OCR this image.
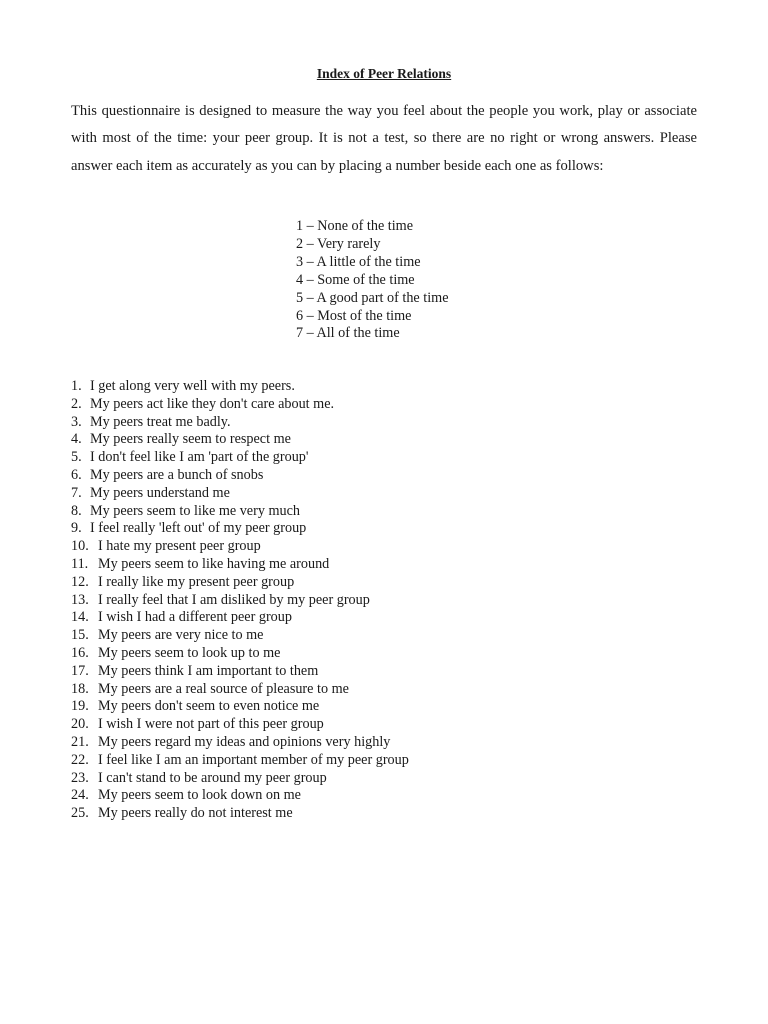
Index of Peer Relations

This questionnaire is designed to measure the way you feel about the people you work, play or associate with most of the time: your peer group. It is not a test, so there are no right or wrong answers. Please answer each item as accurately as you can by placing a number beside each one as follows:

1 – None of the time
2 – Very rarely
3 – A little of the time
4 – Some of the time
5 – A good part of the time
6 – Most of the time
7 – All of the time
1. I get along very well with my peers.
2. My peers act like they don't care about me.
3. My peers treat me badly.
4. My peers really seem to respect me
5. I don't feel like I am 'part of the group'
6. My peers are a bunch of snobs
7. My peers understand me
8. My peers seem to like me very much
9. I feel really 'left out' of my peer group
10. I hate my present peer group
11. My peers seem to like having me around
12. I really like my present peer group
13. I really feel that I am disliked by my peer group
14. I wish I had a different peer group
15. My peers are very nice to me
16. My peers seem to look up to me
17. My peers think I am important to them
18. My peers are a real source of pleasure to me
19. My peers don't seem to even notice me
20. I wish I were not part of this peer group
21. My peers regard my ideas and opinions very highly
22. I feel like I am an important member of my peer group
23. I can't stand to be around my peer group
24. My peers seem to look down on me
25. My peers really do not interest me
